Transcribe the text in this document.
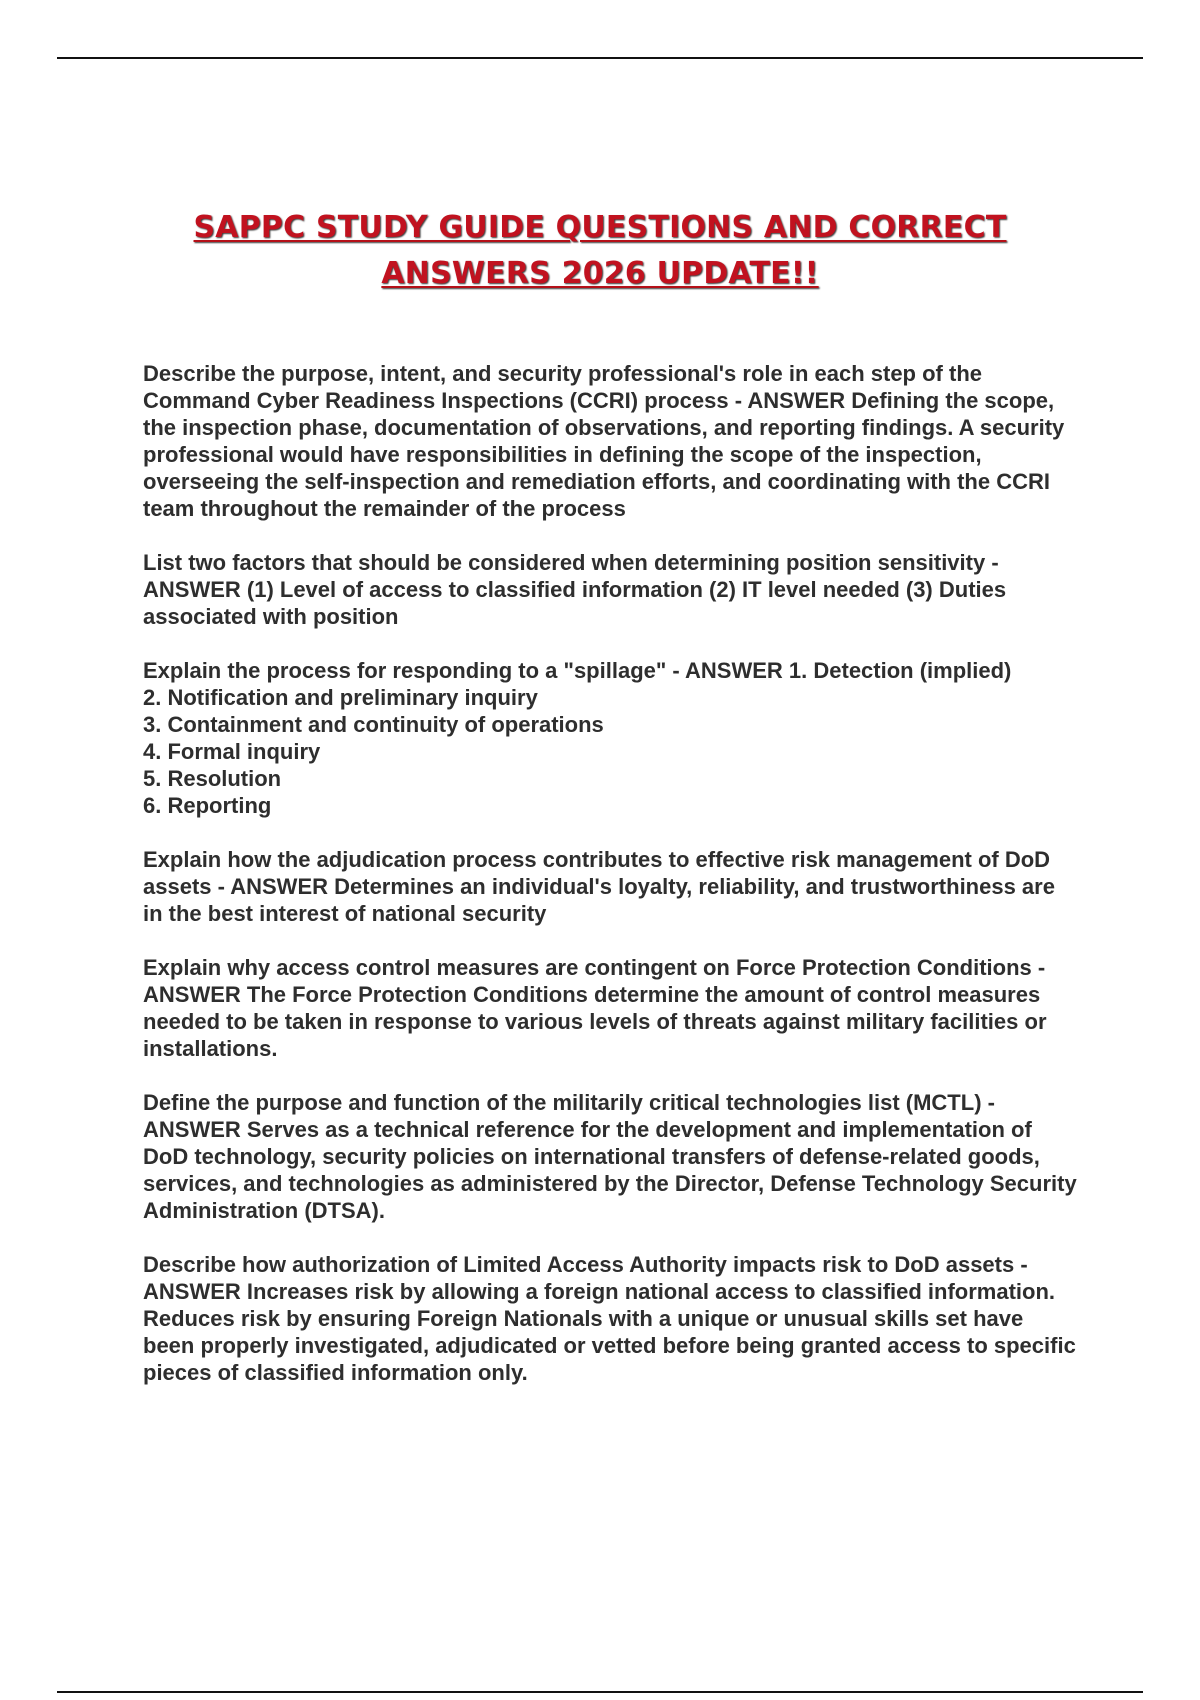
SAPPC STUDY GUIDE QUESTIONS AND CORRECT
ANSWERS 2026 UPDATE!!

Describe the purpose, intent, and security professional's role in each step of the Command Cyber Readiness Inspections (CCRI) process - ANSWER Defining the scope, the inspection phase, documentation of observations, and reporting findings. A security professional would have responsibilities in defining the scope of the inspection, overseeing the self-inspection and remediation efforts, and coordinating with the CCRI team throughout the remainder of the process

List two factors that should be considered when determining position sensitivity - ANSWER (1) Level of access to classified information (2) IT level needed (3) Duties associated with position

Explain the process for responding to a "spillage" - ANSWER 1. Detection (implied)

2. Notification and preliminary inquiry
3. Containment and continuity of operations
4. Formal inquiry
5. Resolution
6. Reporting

Explain how the adjudication process contributes to effective risk management of DoD assets - ANSWER Determines an individual's loyalty, reliability, and trustworthiness are in the best interest of national security

Explain why access control measures are contingent on Force Protection Conditions - ANSWER The Force Protection Conditions determine the amount of control measures needed to be taken in response to various levels of threats against military facilities or installations.

Define the purpose and function of the militarily critical technologies list (MCTL) - ANSWER Serves as a technical reference for the development and implementation of DoD technology, security policies on international transfers of defense-related goods, services, and technologies as administered by the Director, Defense Technology Security Administration (DTSA).

Describe how authorization of Limited Access Authority impacts risk to DoD assets - ANSWER Increases risk by allowing a foreign national access to classified information. Reduces risk by ensuring Foreign Nationals with a unique or unusual skills set have been properly investigated, adjudicated or vetted before being granted access to specific pieces of classified information only.
